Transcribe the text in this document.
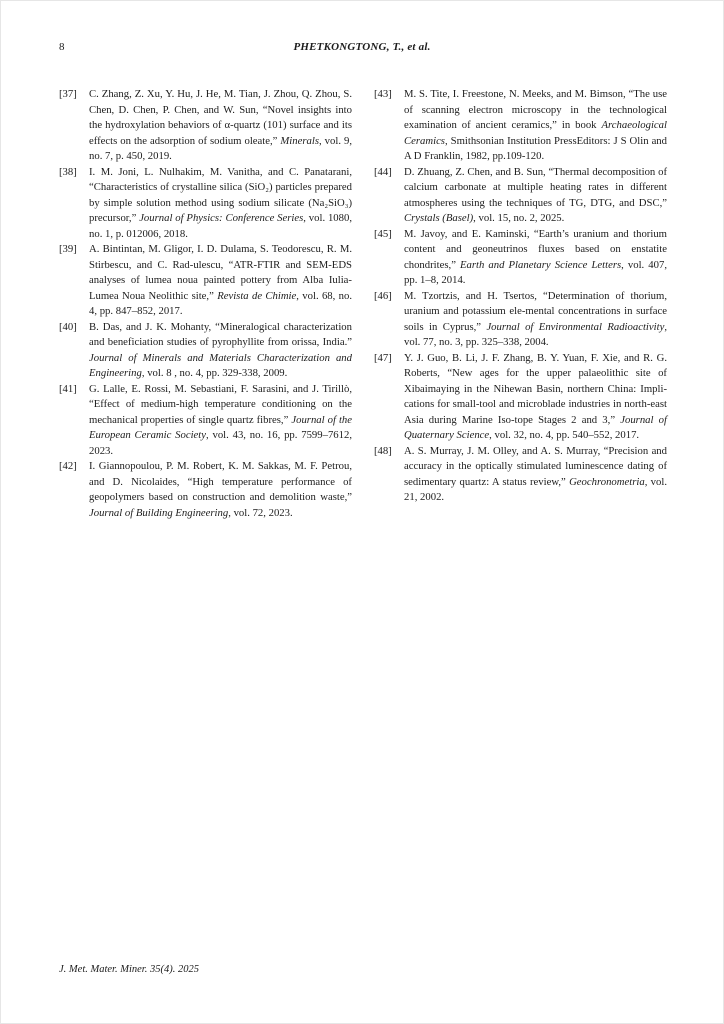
8	PHETKONGTONG, T., et al.
[37]	C. Zhang, Z. Xu, Y. Hu, J. He, M. Tian, J. Zhou, Q. Zhou, S. Chen, D. Chen, P. Chen, and W. Sun, “Novel insights into the hydroxylation behaviors of α-quartz (101) surface and its effects on the adsorption of sodium oleate,” Minerals, vol. 9, no. 7, p. 450, 2019.
[38]	I. M. Joni, L. Nulhakim, M. Vanitha, and C. Panatarani, “Characteristics of crystalline silica (SiO₂) particles prepared by simple solution method using sodium silicate (Na₂SiO₃) precursor,” Journal of Physics: Conference Series, vol. 1080, no. 1, p. 012006, 2018.
[39]	A. Bintintan, M. Gligor, I. D. Dulama, S. Teodorescu, R. M. Stirbescu, and C. Rad-ulescu, “ATR-FTIR and SEM-EDS analyses of lumea noua painted pottery from Alba Iulia-Lumea Noua Neolithic site,” Revista de Chimie, vol. 68, no. 4, pp. 847–852, 2017.
[40]	B. Das, and J. K. Mohanty, “Mineralogical characterization and beneficiation studies of pyrophyllite from orissa, India.” Journal of Minerals and Materials Characterization and Engineering, vol. 8 , no. 4, pp. 329-338, 2009.
[41]	G. Lalle, E. Rossi, M. Sebastiani, F. Sarasini, and J. Tirillò, “Effect of medium-high temperature conditioning on the mechanical properties of single quartz fibres,” Journal of the European Ceramic Society, vol. 43, no. 16, pp. 7599–7612, 2023.
[42]	I. Giannopoulou, P. M. Robert, K. M. Sakkas, M. F. Petrou, and D. Nicolaides, “High temperature performance of geopolymers based on construction and demolition waste,” Journal of Building Engineering, vol. 72, 2023.
[43]	M. S. Tite, I. Freestone, N. Meeks, and M. Bimson, “The use of scanning electron microscopy in the technological examination of ancient ceramics,” in book Archaeological Ceramics, Smithsonian Institution PressEditors: J S Olin and A D Franklin, 1982, pp.109-120.
[44]	D. Zhuang, Z. Chen, and B. Sun, “Thermal decomposition of calcium carbonate at multiple heating rates in different atmospheres using the techniques of TG, DTG, and DSC,” Crystals (Basel), vol. 15, no. 2, 2025.
[45]	M. Javoy, and E. Kaminski, “Earth’s uranium and thorium content and geoneutrinos fluxes based on enstatite chondrites,” Earth and Planetary Science Letters, vol. 407, pp. 1–8, 2014.
[46]	M. Tzortzis, and H. Tsertos, “Determination of thorium, uranium and potassium ele-mental concentrations in surface soils in Cyprus,” Journal of Environmental Radioactivity, vol. 77, no. 3, pp. 325–338, 2004.
[47]	Y. J. Guo, B. Li, J. F. Zhang, B. Y. Yuan, F. Xie, and R. G. Roberts, “New ages for the upper palaeolithic site of Xibaimaying in the Nihewan Basin, northern China: Impli-cations for small-tool and microblade industries in north-east Asia during Marine Iso-tope Stages 2 and 3,” Journal of Quaternary Science, vol. 32, no. 4, pp. 540–552, 2017.
[48]	A. S. Murray, J. M. Olley, and A. S. Murray, “Precision and accuracy in the optically stimulated luminescence dating of sedimentary quartz: A status review,” Geochronometria, vol. 21, 2002.
J. Met. Mater. Miner. 35(4). 2025
